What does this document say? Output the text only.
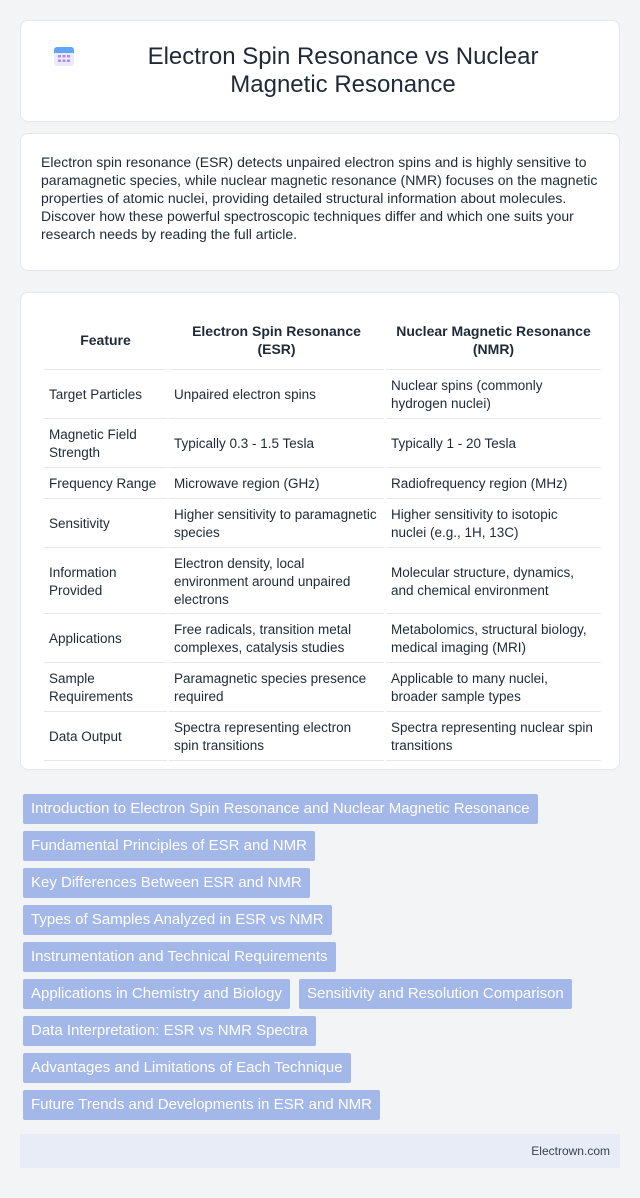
Electron Spin Resonance vs Nuclear Magnetic Resonance

Electron spin resonance (ESR) detects unpaired electron spins and is highly sensitive to paramagnetic species, while nuclear magnetic resonance (NMR) focuses on the magnetic properties of atomic nuclei, providing detailed structural information about molecules. Discover how these powerful spectroscopic techniques differ and which one suits your research needs by reading the full article.

Feature	Electron Spin Resonance (ESR)	Nuclear Magnetic Resonance (NMR)
Target Particles	Unpaired electron spins	Nuclear spins (commonly hydrogen nuclei)
Magnetic Field Strength	Typically 0.3 - 1.5 Tesla	Typically 1 - 20 Tesla
Frequency Range	Microwave region (GHz)	Radiofrequency region (MHz)
Sensitivity	Higher sensitivity to paramagnetic species	Higher sensitivity to isotopic nuclei (e.g., 1H, 13C)
Information Provided	Electron density, local environment around unpaired electrons	Molecular structure, dynamics, and chemical environment
Applications	Free radicals, transition metal complexes, catalysis studies	Metabolomics, structural biology, medical imaging (MRI)
Sample Requirements	Paramagnetic species presence required	Applicable to many nuclei, broader sample types
Data Output	Spectra representing electron spin transitions	Spectra representing nuclear spin transitions
Introduction to Electron Spin Resonance and Nuclear Magnetic Resonance
Fundamental Principles of ESR and NMR
Key Differences Between ESR and NMR
Types of Samples Analyzed in ESR vs NMR
Instrumentation and Technical Requirements
Applications in Chemistry and Biology Sensitivity and Resolution Comparison
Data Interpretation: ESR vs NMR Spectra
Advantages and Limitations of Each Technique
Future Trends and Developments in ESR and NMR
Electrown.com
